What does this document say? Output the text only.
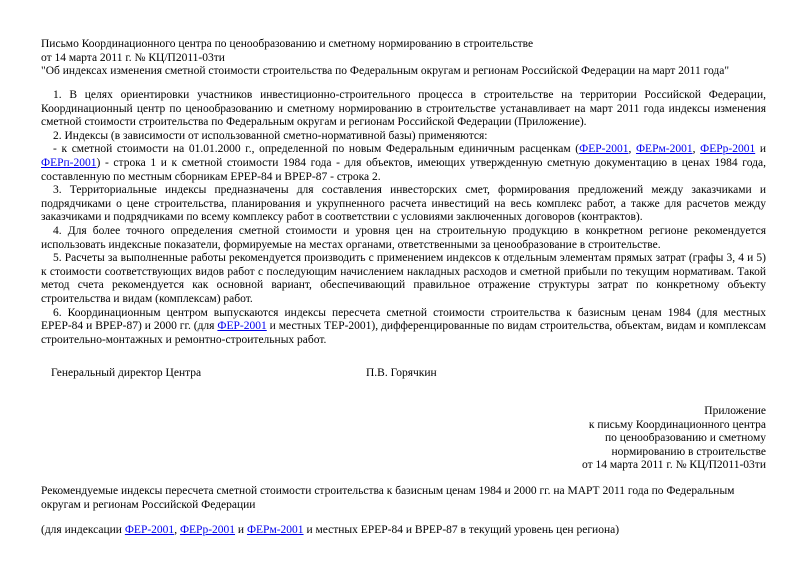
Письмо Координационного центра по ценообразованию и сметному нормированию в строительстве
от 14 марта 2011 г. № КЦ/П2011-03ти
"Об индексах изменения сметной стоимости строительства по Федеральным округам и регионам Российской Федерации на март 2011 года"

1. В целях ориентировки участников инвестиционно-строительного процесса в строительстве на территории Российской Федерации, Координационный центр по ценообразованию и сметному нормированию в строительстве устанавливает на март 2011 года индексы изменения сметной стоимости строительства по Федеральным округам и регионам Российской Федерации (Приложение).

2. Индексы (в зависимости от использованной сметно-нормативной базы) применяются:

- к сметной стоимости на 01.01.2000 г., определенной по новым Федеральным единичным расценкам (ФЕР-2001, ФЕРм-2001, ФЕРр-2001 и ФЕРп-2001) - строка 1 и к сметной стоимости 1984 года - для объектов, имеющих утвержденную сметную документацию в ценах 1984 года, составленную по местным сборникам ЕРЕР-84 и ВРЕР-87 - строка 2.

3. Территориальные индексы предназначены для составления инвесторских смет, формирования предложений между заказчиками и подрядчиками о цене строительства, планирования и укрупненного расчета инвестиций на весь комплекс работ, а также для расчетов между заказчиками и подрядчиками по всему комплексу работ в соответствии с условиями заключенных договоров (контрактов).

4. Для более точного определения сметной стоимости и уровня цен на строительную продукцию в конкретном регионе рекомендуется использовать индексные показатели, формируемые на местах органами, ответственными за ценообразование в строительстве.

5. Расчеты за выполненные работы рекомендуется производить с применением индексов к отдельным элементам прямых затрат (графы 3, 4 и 5) к стоимости соответствующих видов работ с последующим начислением накладных расходов и сметной прибыли по текущим нормативам. Такой метод счета рекомендуется как основной вариант, обеспечивающий правильное отражение структуры затрат по конкретному объекту строительства и видам (комплексам) работ.

6. Координационным центром выпускаются индексы пересчета сметной стоимости строительства к базисным ценам 1984 (для местных ЕРЕР-84 и ВРЕР-87) и 2000 гг. (для ФЕР-2001 и местных ТЕР-2001), дифференцированные по видам строительства, объектам, видам и комплексам строительно-монтажных и ремонтно-строительных работ.

Генеральный директор Центра	П.В. Горячкин
Приложение
к письму Координационного центра
по ценообразованию и сметному
нормированию в строительстве
от 14 марта 2011 г. № КЦ/П2011-03ти
Рекомендуемые индексы пересчета сметной стоимости строительства к базисным ценам 1984 и 2000 гг. на МАРТ 2011 года по Федеральным округам и регионам Российской Федерации
(для индексации ФЕР-2001, ФЕРр-2001 и ФЕРм-2001 и местных ЕРЕР-84 и ВРЕР-87 в текущий уровень цен региона)
